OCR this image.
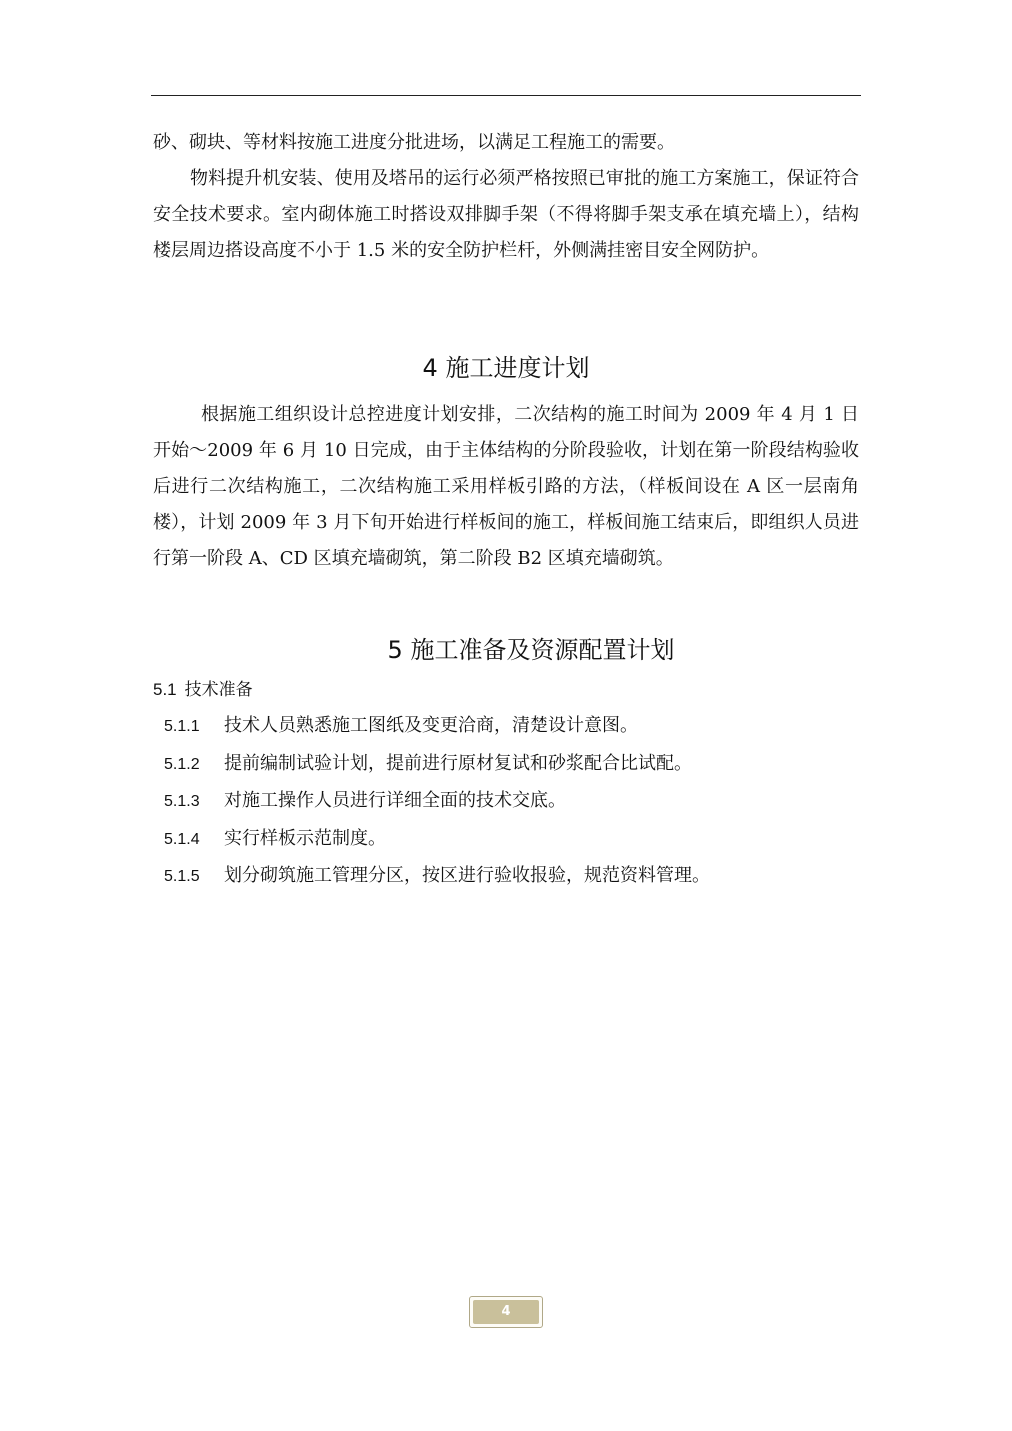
砂、砌块、等材料按施工进度分批进场，以满足工程施工的需要。

物料提升机安装、使用及塔吊的运行必须严格按照已审批的施工方案施工，保证符合安全技术要求。室内砌体施工时搭设双排脚手架（不得将脚手架支承在填充墙上），结构楼层周边搭设高度不小于 1.5 米的安全防护栏杆，外侧满挂密目安全网防护。

4 施工进度计划

根据施工组织设计总控进度计划安排，二次结构的施工时间为 2009 年 4 月 1 日开始～2009 年 6 月 10 日完成，由于主体结构的分阶段验收，计划在第一阶段结构验收后进行二次结构施工，二次结构施工采用样板引路的方法，（样板间设在 A 区一层南角楼），计划 2009 年 3 月下旬开始进行样板间的施工，样板间施工结束后，即组织人员进行第一阶段 A、CD 区填充墙砌筑，第二阶段 B2 区填充墙砌筑。

5 施工准备及资源配置计划

5.1 技术准备

5.1.1 技术人员熟悉施工图纸及变更洽商，清楚设计意图。
5.1.2 提前编制试验计划，提前进行原材复试和砂浆配合比试配。
5.1.3 对施工操作人员进行详细全面的技术交底。
5.1.4 实行样板示范制度。
5.1.5 划分砌筑施工管理分区，按区进行验收报验，规范资料管理。
4
